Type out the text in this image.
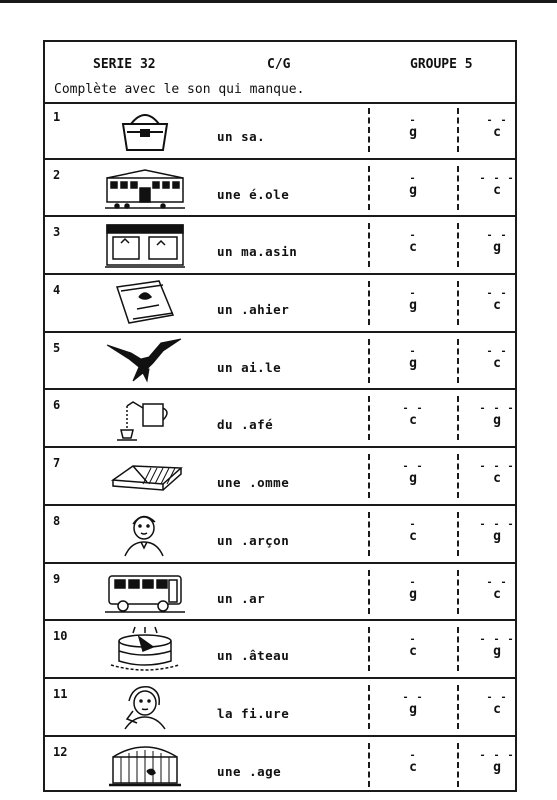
SERIE 32	C/G	GROUPE 5
Complète avec le son qui manque.
1
un sa.
-
g
- -
c
2
une é.ole
-
g
- - -
c
3
un ma.asin
-
c
- -
g
4
un .ahier
-
g
- -
c
5
un ai.le
-
g
- -
c
6
du .afé
- -
c
- - -
g
7
une .omme
- -
g
- - -
c
8
un .arçon
-
c
- - -
g
9
un .ar
-
g
- -
c
10
un .âteau
-
c
- - -
g
11
la fi.ure
- -
g
- -
c
12
une .age
-
c
- - -
g
